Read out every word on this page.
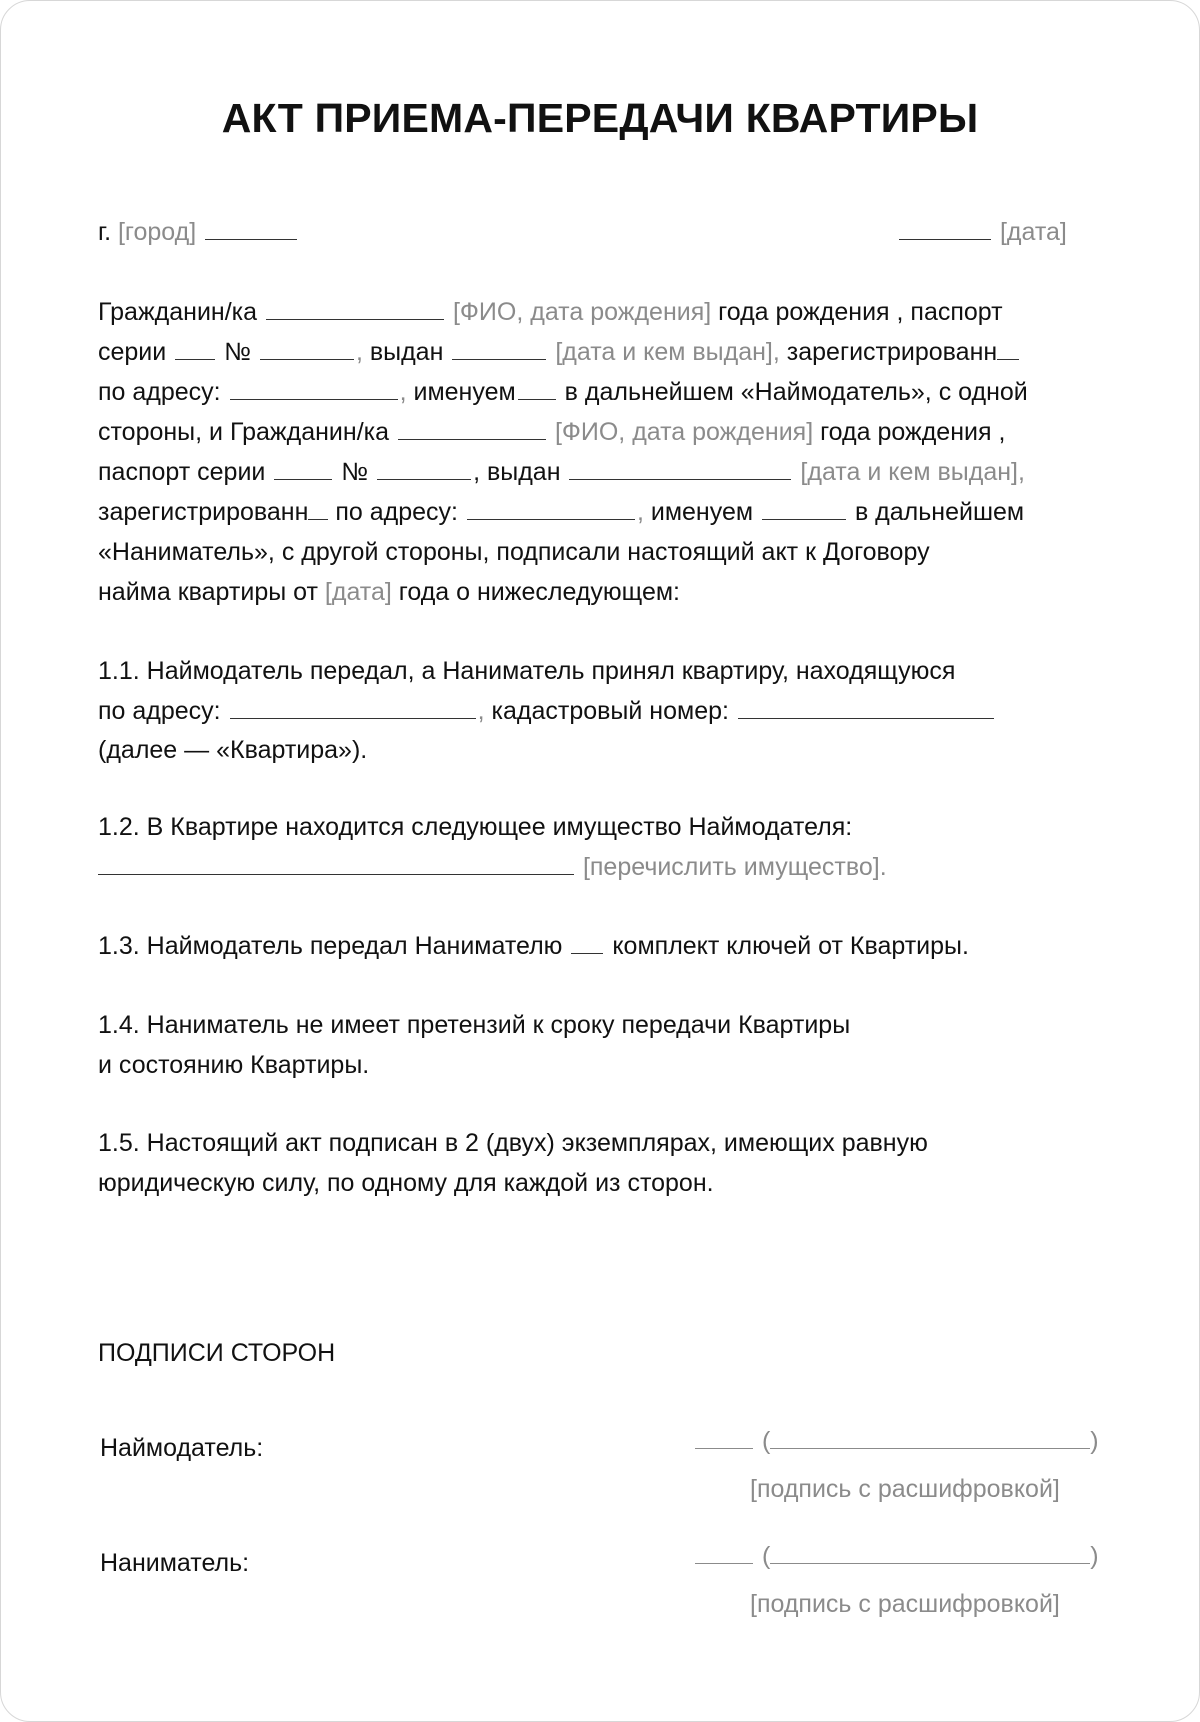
АКТ ПРИЕМА-ПЕРЕДАЧИ КВАРТИРЫ
г. [город]	[дата]
Гражданин/ка	[ФИО, дата рождения] года рождения , паспорт
серии №	, выдан	[дата и кем выдан], зарегистрированн
по адресу:	, именуем в дальнейшем «Наймодатель», с одной
стороны, и Гражданин/ка	[ФИО, дата рождения] года рождения ,
паспорт серии	№	, выдан	[дата и кем выдан],
зарегистрированн по адресу:	, именуем	в дальнейшем
«Наниматель», с другой стороны, подписали настоящий акт к Договору
найма квартиры от [дата] года о нижеследующем:
1.1. Наймодатель передал, а Наниматель принял квартиру, находящуюся
по адресу:	, кадастровый номер:
(далее — «Квартира»).
1.2. В Квартире находится следующее имущество Наймодателя:
[перечислить имущество].
1.3. Наймодатель передал Нанимателю комплект ключей от Квартиры.
1.4. Наниматель не имеет претензий к сроку передачи Квартиры
и состоянию Квартиры.
1.5. Настоящий акт подписан в 2 (двух) экземплярах, имеющих равную
юридическую силу, по одному для каждой из сторон.
ПОДПИСИ СТОРОН
Наймодатель:	(	)
[подпись с расшифровкой]
Наниматель:	(	)
[подпись с расшифровкой]
